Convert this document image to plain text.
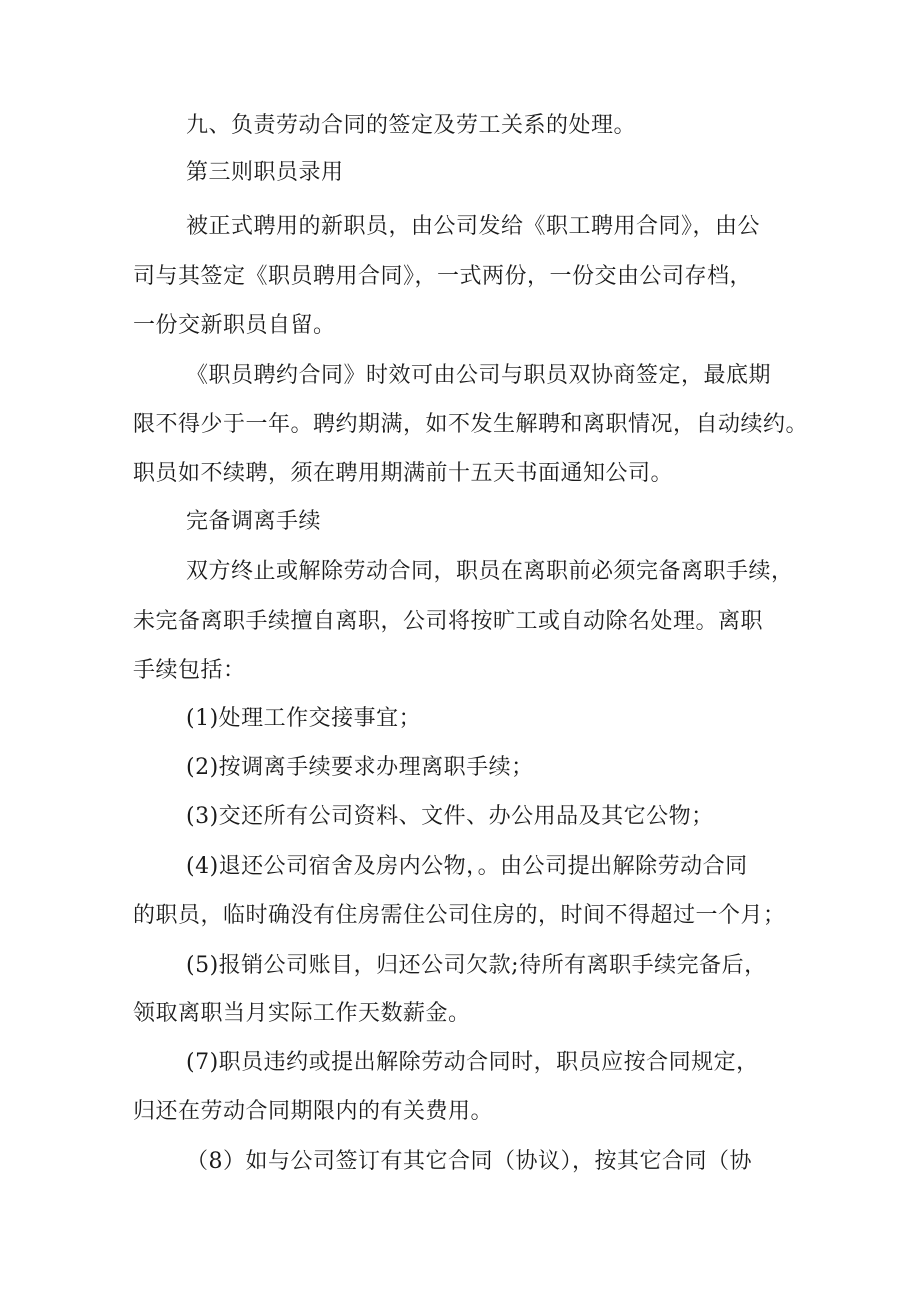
九、负责劳动合同的签定及劳工关系的处理。
第三则职员录用
被正式聘用的新职员，由公司发给《职工聘用合同》，由公
司与其签定《职员聘用合同》，一式两份，一份交由公司存档，
一份交新职员自留。
《职员聘约合同》时效可由公司与职员双协商签定，最底期
限不得少于一年。聘约期满，如不发生解聘和离职情况，自动续约。
职员如不续聘，须在聘用期满前十五天书面通知公司。
完备调离手续
双方终止或解除劳动合同，职员在离职前必须完备离职手续，
未完备离职手续擅自离职，公司将按旷工或自动除名处理。离职
手续包括：
(1)处理工作交接事宜；
(2)按调离手续要求办理离职手续；
(3)交还所有公司资料、文件、办公用品及其它公物；
(4)退还公司宿舍及房内公物，。由公司提出解除劳动合同
的职员，临时确没有住房需住公司住房的，时间不得超过一个月；
(5)报销公司账目，归还公司欠款;待所有离职手续完备后，
领取离职当月实际工作天数薪金。
(7)职员违约或提出解除劳动合同时，职员应按合同规定，
归还在劳动合同期限内的有关费用。
（8）如与公司签订有其它合同（协议），按其它合同（协
